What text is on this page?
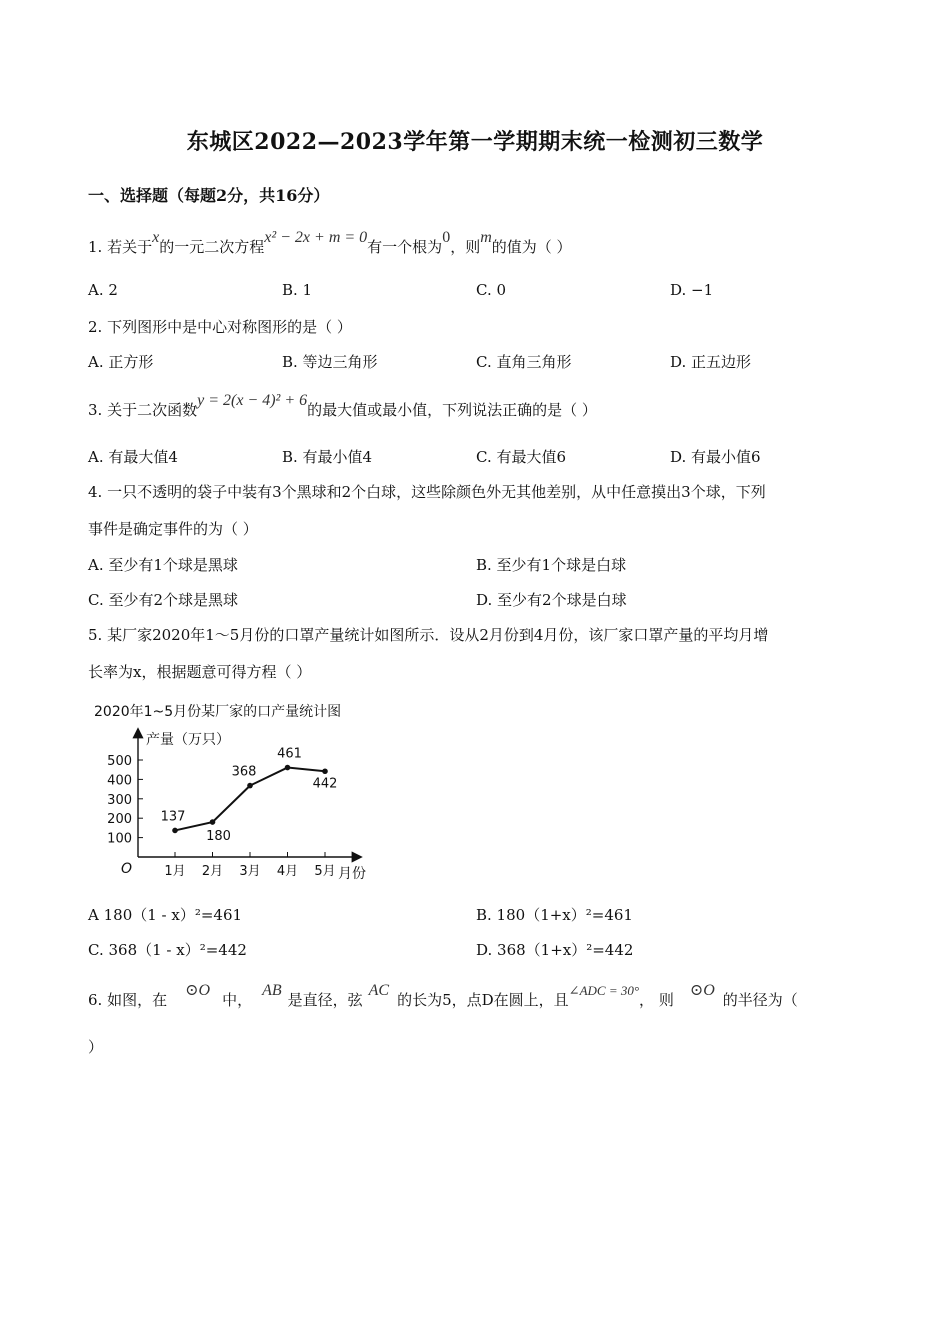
东城区2022—2023学年第一学期期末统一检测初三数学
一、选择题（每题2分，共16分）
1. 若关于x的一元二次方程x² − 2x + m = 0有一个根为0，则m的值为（ ）
A. 2	B. 1	C. 0	D. −1
2. 下列图形中是中心对称图形的是（ ）
A. 正方形	B. 等边三角形	C. 直角三角形	D. 正五边形
3. 关于二次函数y = 2(x − 4)² + 6的最大值或最小值，下列说法正确的是（ ）
A. 有最大值4	B. 有最小值4	C. 有最大值6	D. 有最小值6
4. 一只不透明的袋子中装有3个黑球和2个白球，这些除颜色外无其他差别，从中任意摸出3个球，下列
事件是确定事件的为（ ）
A. 至少有1个球是黑球	B. 至少有1个球是白球
C. 至少有2个球是黑球	D. 至少有2个球是白球
5. 某厂家2020年1～5月份的口罩产量统计如图所示．设从2月份到4月份，该厂家口罩产量的平均月增
长率为x，根据题意可得方程（ ）
2020年1~5月份某厂家的口产量统计图
产量（万只）
月份
O
100
200
300
400
500
1月 2月 3月 4月 5月
137
180
368
461
442
A 180（1 - x）²=461	B. 180（1+x）²=461
C. 368（1 - x）²=442	D. 368（1+x）²=442
6. 如图，在⊙O中，AB是直径，弦AC的长为5，点D在圆上，且∠ADC = 30°， 则⊙O的半径为（
）
